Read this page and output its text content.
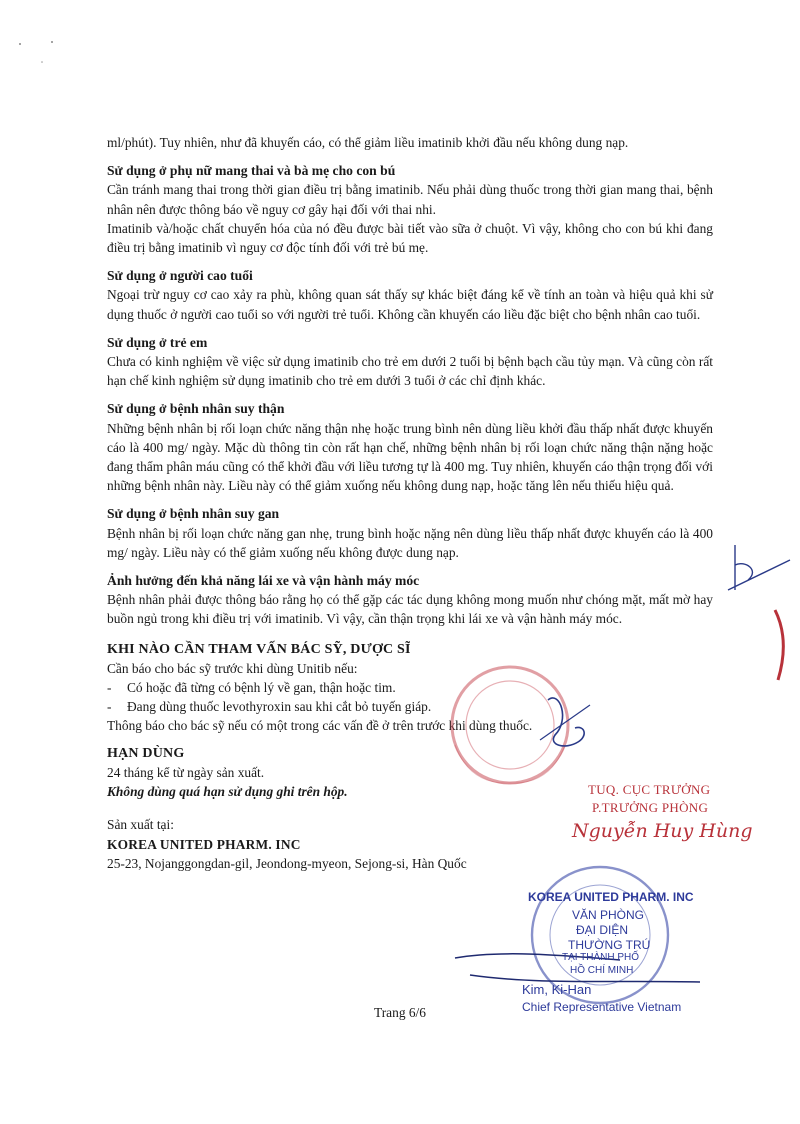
ml/phút). Tuy nhiên, như đã khuyến cáo, có thể giảm liều imatinib khởi đầu nếu không dung nạp.

Sử dụng ở phụ nữ mang thai và bà mẹ cho con bú

Cần tránh mang thai trong thời gian điều trị bằng imatinib. Nếu phải dùng thuốc trong thời gian mang thai, bệnh nhân nên được thông báo về nguy cơ gây hại đối với thai nhi.

Imatinib và/hoặc chất chuyển hóa của nó đều được bài tiết vào sữa ở chuột. Vì vậy, không cho con bú khi đang điều trị bằng imatinib vì nguy cơ độc tính đối với trẻ bú mẹ.

Sử dụng ở người cao tuổi

Ngoại trừ nguy cơ cao xảy ra phù, không quan sát thấy sự khác biệt đáng kể về tính an toàn và hiệu quả khi sử dụng thuốc ở người cao tuổi so với người trẻ tuổi. Không cần khuyến cáo liều đặc biệt cho bệnh nhân cao tuổi.

Sử dụng ở trẻ em

Chưa có kinh nghiệm về việc sử dụng imatinib cho trẻ em dưới 2 tuổi bị bệnh bạch cầu tủy mạn. Và cũng còn rất hạn chế kinh nghiệm sử dụng imatinib cho trẻ em dưới 3 tuổi ở các chỉ định khác.

Sử dụng ở bệnh nhân suy thận

Những bệnh nhân bị rối loạn chức năng thận nhẹ hoặc trung bình nên dùng liều khởi đầu thấp nhất được khuyến cáo là 400 mg/ ngày. Mặc dù thông tin còn rất hạn chế, những bệnh nhân bị rối loạn chức năng thận nặng hoặc đang thẩm phân máu cũng có thể khởi đầu với liều tương tự là 400 mg. Tuy nhiên, khuyến cáo thận trọng đối với những bệnh nhân này. Liều này có thể giảm xuống nếu không dung nạp, hoặc tăng lên nếu thiếu hiệu quả.

Sử dụng ở bệnh nhân suy gan

Bệnh nhân bị rối loạn chức năng gan nhẹ, trung bình hoặc nặng nên dùng liều thấp nhất được khuyến cáo là 400 mg/ ngày. Liều này có thể giảm xuống nếu không được dung nạp.

Ảnh hưởng đến khả năng lái xe và vận hành máy móc

Bệnh nhân phải được thông báo rằng họ có thể gặp các tác dụng không mong muốn như chóng mặt, mất mờ hay buồn ngủ trong khi điều trị với imatinib. Vì vậy, cần thận trọng khi lái xe và vận hành máy móc.

KHI NÀO CẦN THAM VẤN BÁC SỸ, DƯỢC SĨ

Cần báo cho bác sỹ trước khi dùng Unitib nếu:

- Có hoặc đã từng có bệnh lý về gan, thận hoặc tim.
- Đang dùng thuốc levothyroxin sau khi cắt bỏ tuyến giáp.

Thông báo cho bác sỹ nếu có một trong các vấn đề ở trên trước khi dùng thuốc.

HẠN DÙNG

24 tháng kể từ ngày sản xuất.

Không dùng quá hạn sử dụng ghi trên hộp.

Sản xuất tại:

KOREA UNITED PHARM. INC

25-23, Nojanggongdan-gil, Jeondong-myeon, Sejong-si, Hàn Quốc

Trang 6/6
TUQ. CỤC TRƯỞNG
P.TRƯỞNG PHÒNG
Nguyễn Huy Hùng
KOREA UNITED PHARM. INC
VĂN PHÒNG
ĐẠI DIỆN
THƯỜNG TRÚ
TẠI THÀNH PHỐ
HỒ CHÍ MINH
Kim, Ki-Han
Chief Representative Vietnam
